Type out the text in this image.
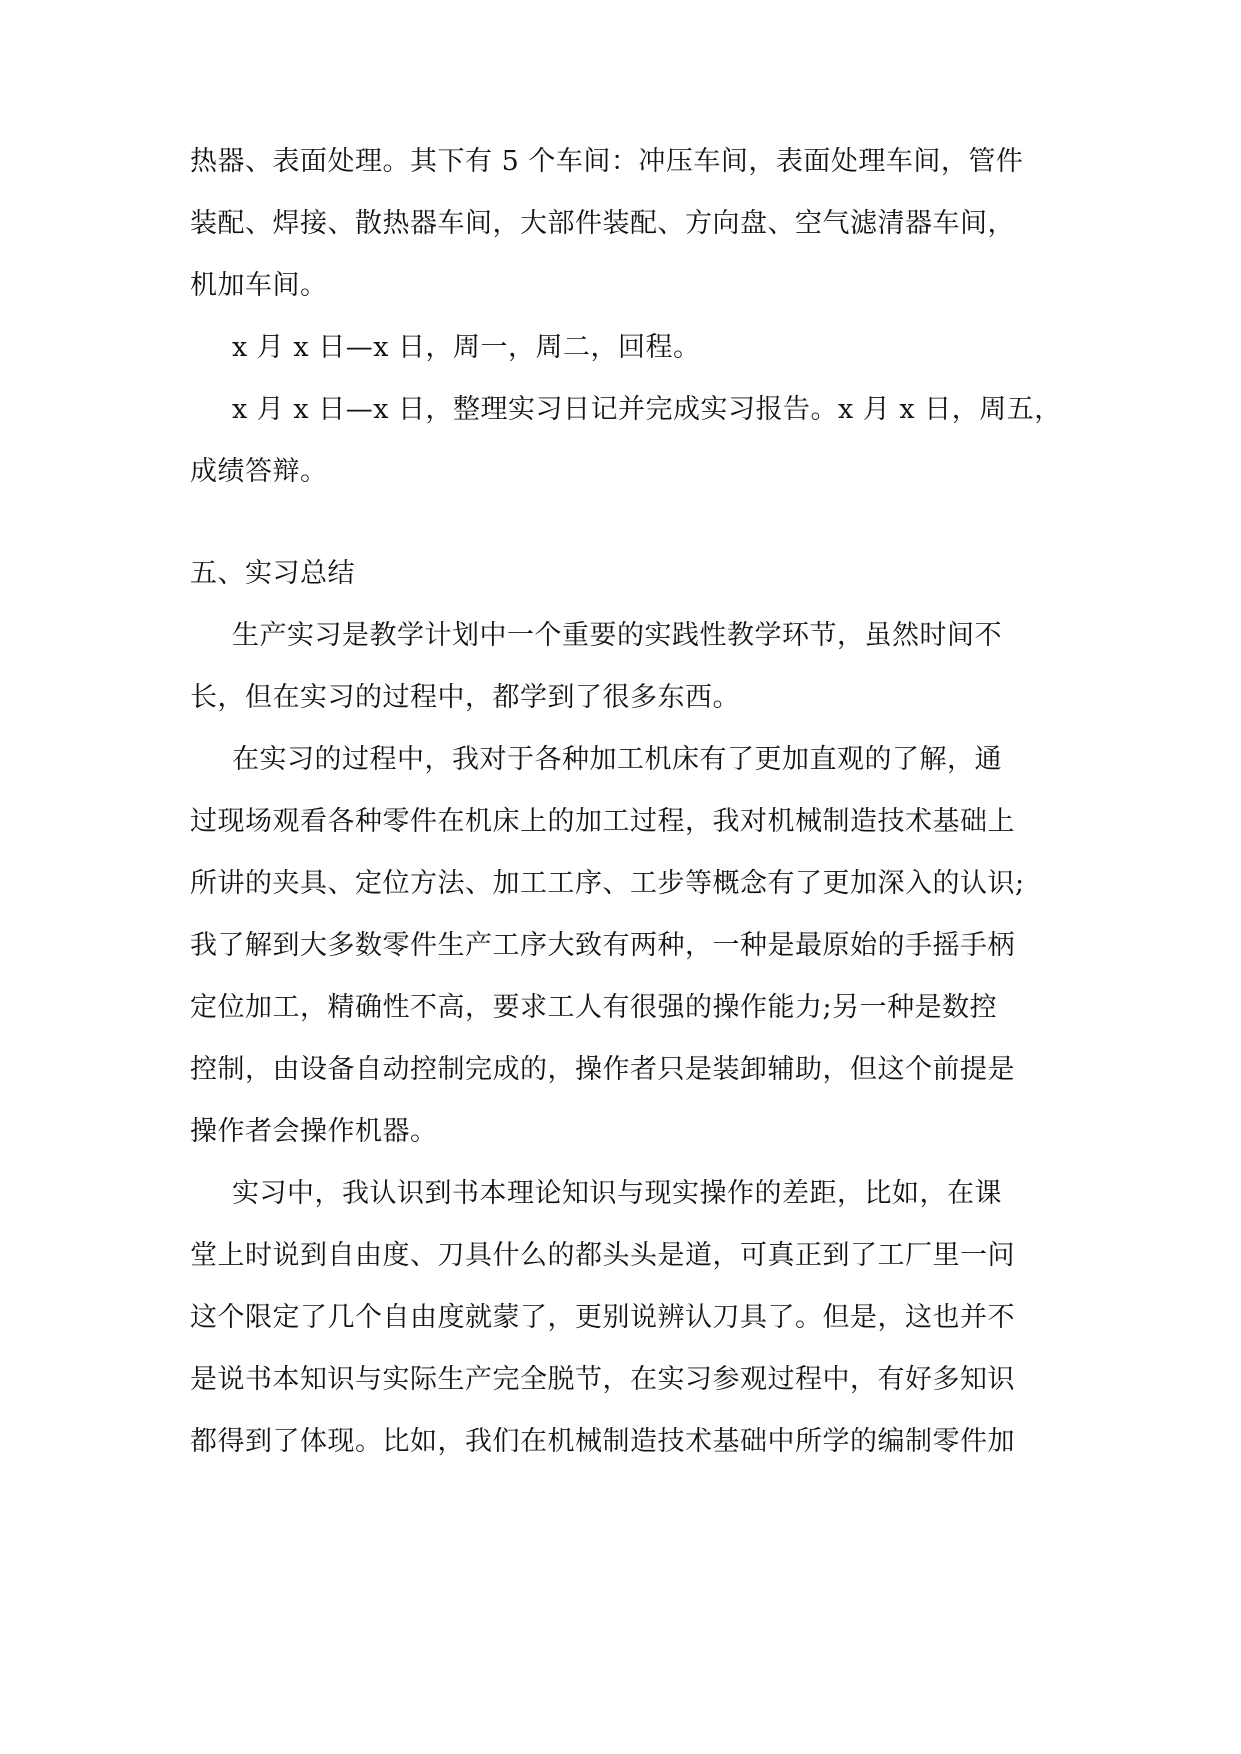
热器、表面处理。其下有 5 个车间：冲压车间，表面处理车间，管件
装配、焊接、散热器车间，大部件装配、方向盘、空气滤清器车间，
机加车间。
x 月 x 日—x 日，周一，周二，回程。
x 月 x 日—x 日，整理实习日记并完成实习报告。x 月 x 日，周五，
成绩答辩。
五、实习总结
生产实习是教学计划中一个重要的实践性教学环节，虽然时间不
长，但在实习的过程中，都学到了很多东西。
在实习的过程中，我对于各种加工机床有了更加直观的了解，通
过现场观看各种零件在机床上的加工过程，我对机械制造技术基础上
所讲的夹具、定位方法、加工工序、工步等概念有了更加深入的认识;
我了解到大多数零件生产工序大致有两种，一种是最原始的手摇手柄
定位加工，精确性不高，要求工人有很强的操作能力;另一种是数控
控制，由设备自动控制完成的，操作者只是装卸辅助，但这个前提是
操作者会操作机器。
实习中，我认识到书本理论知识与现实操作的差距，比如，在课
堂上时说到自由度、刀具什么的都头头是道，可真正到了工厂里一问
这个限定了几个自由度就蒙了，更别说辨认刀具了。但是，这也并不
是说书本知识与实际生产完全脱节，在实习参观过程中，有好多知识
都得到了体现。比如，我们在机械制造技术基础中所学的编制零件加
